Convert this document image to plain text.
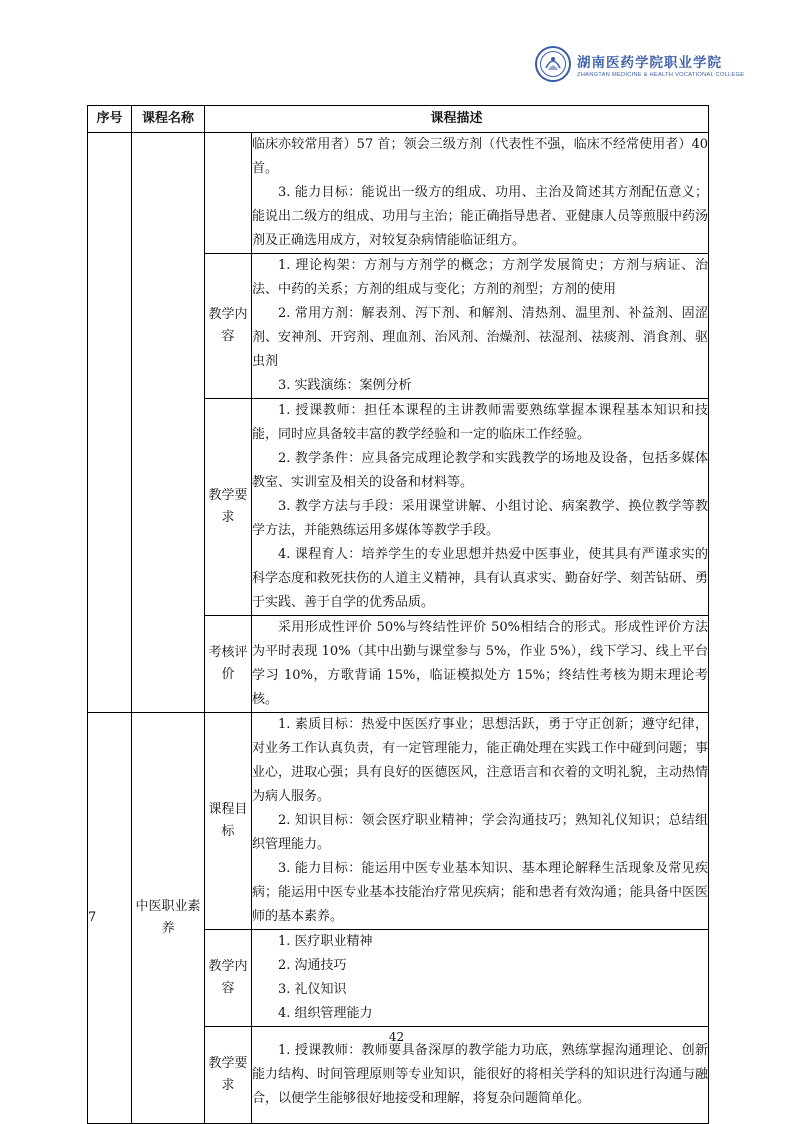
湖南医药学院职业学院
ZHANGTAN MEDICINE & HEALTH VOCATIONAL COLLEGE
序号	课程名称	课程描述	

			临床亦较常用者）57 首；领会三级方剂（代表性不强，临床不经常使用者）40 首。

3. 能力目标：能说出一级方的组成、功用、主治及简述其方剂配伍意义；能说出二级方的组成、功用与主治；能正确指导患者、亚健康人员等煎服中药汤剂及正确选用成方，对较复杂病情能临证组方。

		教学内容	1. 理论构架：方剂与方剂学的概念；方剂学发展简史；方剂与病证、治法、中药的关系；方剂的组成与变化；方剂的剂型；方剂的使用

2. 常用方剂：解表剂、泻下剂、和解剂、清热剂、温里剂、补益剂、固涩剂、安神剂、开窍剂、理血剂、治风剂、治燥剂、祛湿剂、祛痰剂、消食剂、驱虫剂

3. 实践演练：案例分析

		教学要求	1. 授课教师：担任本课程的主讲教师需要熟练掌握本课程基本知识和技能，同时应具备较丰富的教学经验和一定的临床工作经验。

2. 教学条件：应具备完成理论教学和实践教学的场地及设备，包括多媒体教室、实训室及相关的设备和材料等。

3. 教学方法与手段：采用课堂讲解、小组讨论、病案教学、换位教学等教学方法，并能熟练运用多媒体等教学手段。

4. 课程育人：培养学生的专业思想并热爱中医事业，使其具有严谨求实的科学态度和救死扶伤的人道主义精神，具有认真求实、勤奋好学、刻苦钻研、勇于实践、善于自学的优秀品质。

		考核评价	采用形成性评价 50%与终结性评价 50%相结合的形式。形成性评价方法为平时表现 10%（其中出勤与课堂参与 5%，作业 5%），线下学习、线上平台学习 10%，方歌背诵 15%，临证模拟处方 15%；终结性考核为期末理论考核。

7	中医职业素养	课程目标	1. 素质目标：热爱中医医疗事业；思想活跃，勇于守正创新；遵守纪律，对业务工作认真负责，有一定管理能力，能正确处理在实践工作中碰到问题；事业心，进取心强；具有良好的医德医风，注意语言和衣着的文明礼貌，主动热情为病人服务。

2. 知识目标：领会医疗职业精神；学会沟通技巧；熟知礼仪知识；总结组织管理能力。

3. 能力目标：能运用中医专业基本知识、基本理论解释生活现象及常见疾病；能运用中医专业基本技能治疗常见疾病；能和患者有效沟通；能具备中医医师的基本素养。

		教学内容	1. 医疗职业精神

2. 沟通技巧

3. 礼仪知识

4. 组织管理能力

		教学要求	1. 授课教师：教师要具备深厚的教学能力功底，熟练掌握沟通理论、创新能力结构、时间管理原则等专业知识，能很好的将相关学科的知识进行沟通与融合，以便学生能够很好地接受和理解，将复杂问题简单化。

42
